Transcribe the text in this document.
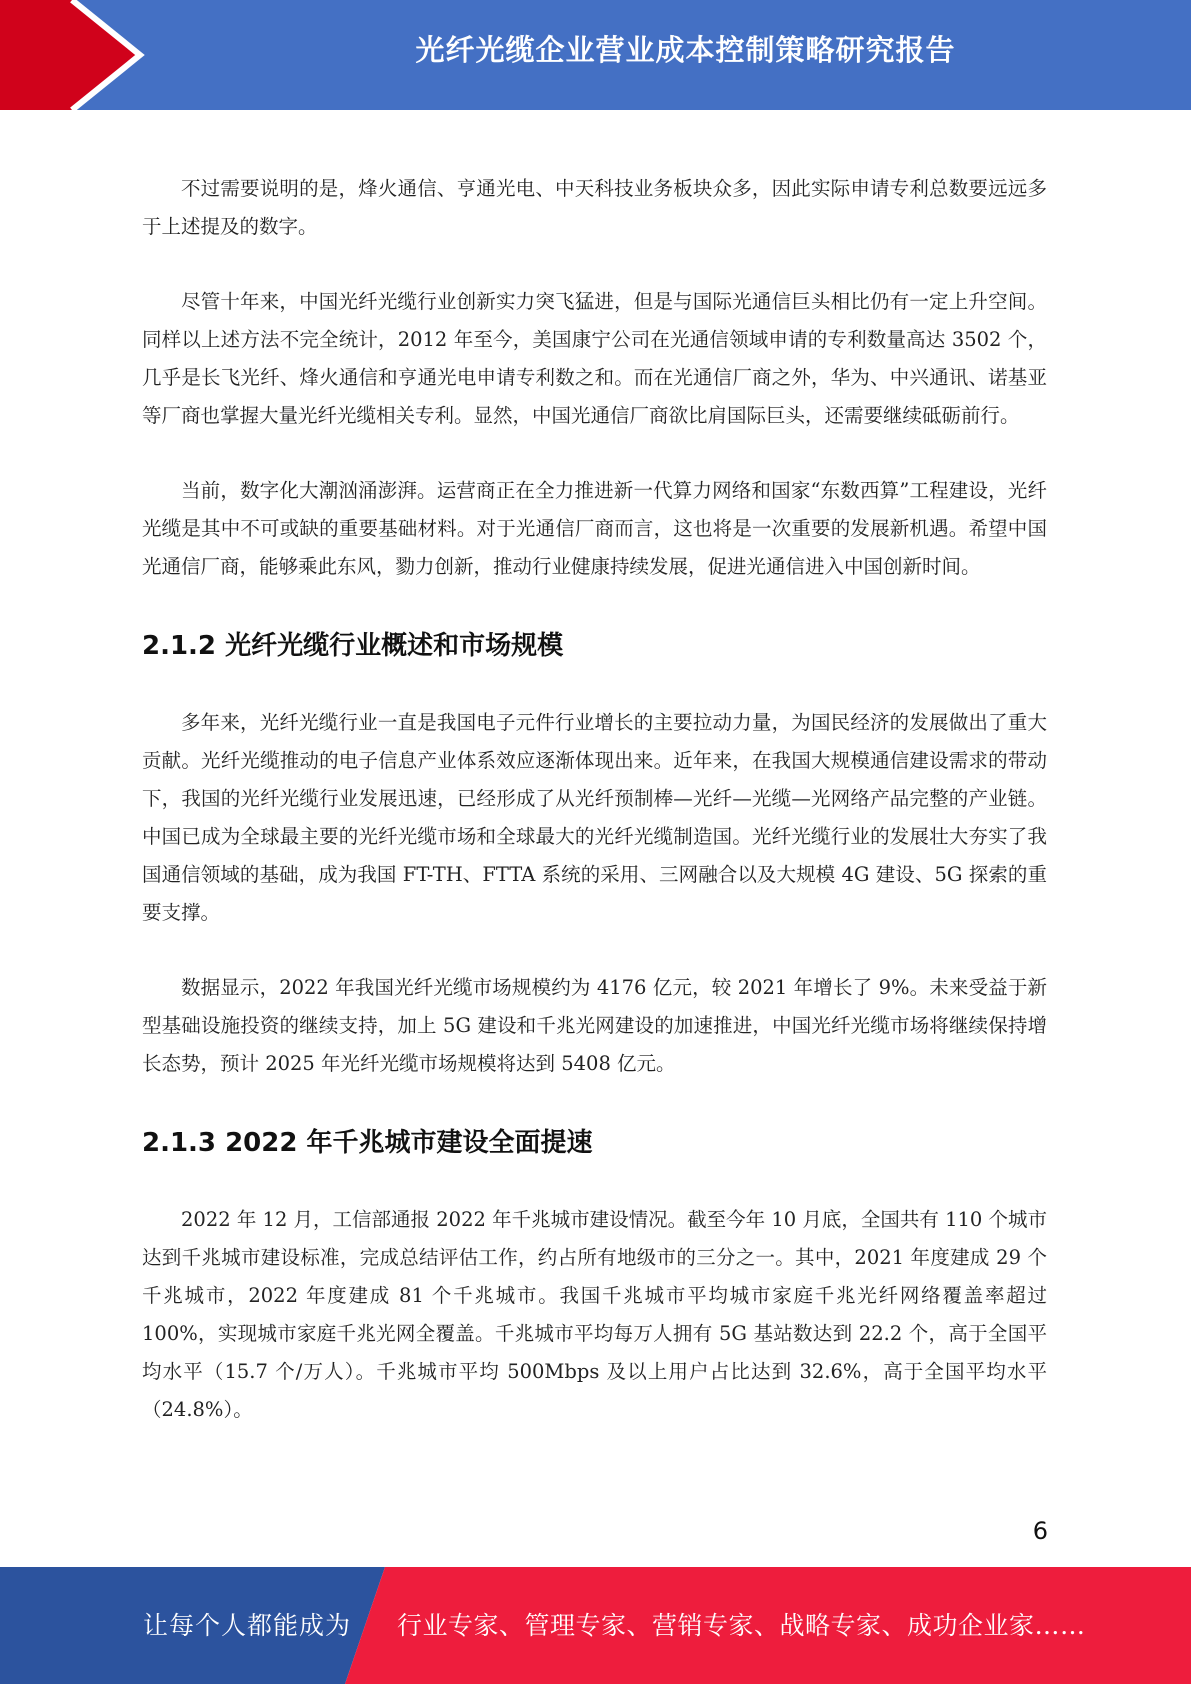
光纤光缆企业营业成本控制策略研究报告

不过需要说明的是，烽火通信、亨通光电、中天科技业务板块众多，因此实际申请专利总数要远远多于上述提及的数字。

尽管十年来，中国光纤光缆行业创新实力突飞猛进，但是与国际光通信巨头相比仍有一定上升空间。同样以上述方法不完全统计，2012 年至今，美国康宁公司在光通信领域申请的专利数量高达 3502 个，几乎是长飞光纤、烽火通信和亨通光电申请专利数之和。而在光通信厂商之外，华为、中兴通讯、诺基亚等厂商也掌握大量光纤光缆相关专利。显然，中国光通信厂商欲比肩国际巨头，还需要继续砥砺前行。

当前，数字化大潮汹涌澎湃。运营商正在全力推进新一代算力网络和国家“东数西算”工程建设，光纤光缆是其中不可或缺的重要基础材料。对于光通信厂商而言，这也将是一次重要的发展新机遇。希望中国光通信厂商，能够乘此东风，勠力创新，推动行业健康持续发展，促进光通信进入中国创新时间。

2.1.2 光纤光缆行业概述和市场规模

多年来，光纤光缆行业一直是我国电子元件行业增长的主要拉动力量，为国民经济的发展做出了重大贡献。光纤光缆推动的电子信息产业体系效应逐渐体现出来。近年来，在我国大规模通信建设需求的带动下，我国的光纤光缆行业发展迅速，已经形成了从光纤预制棒—光纤—光缆—光网络产品完整的产业链。中国已成为全球最主要的光纤光缆市场和全球最大的光纤光缆制造国。光纤光缆行业的发展壮大夯实了我国通信领域的基础，成为我国 FT-TH、FTTA 系统的采用、三网融合以及大规模 4G 建设、5G 探索的重要支撑。

数据显示，2022 年我国光纤光缆市场规模约为 4176 亿元，较 2021 年增长了 9%。未来受益于新型基础设施投资的继续支持，加上 5G 建设和千兆光网建设的加速推进，中国光纤光缆市场将继续保持增长态势，预计 2025 年光纤光缆市场规模将达到 5408 亿元。

2.1.3 2022 年千兆城市建设全面提速

2022 年 12 月，工信部通报 2022 年千兆城市建设情况。截至今年 10 月底，全国共有 110 个城市达到千兆城市建设标准，完成总结评估工作，约占所有地级市的三分之一。其中，2021 年度建成 29 个千兆城市，2022 年度建成 81 个千兆城市。我国千兆城市平均城市家庭千兆光纤网络覆盖率超过 100%，实现城市家庭千兆光网全覆盖。千兆城市平均每万人拥有 5G 基站数达到 22.2 个，高于全国平均水平（15.7 个/万人）。千兆城市平均 500Mbps 及以上用户占比达到 32.6%，高于全国平均水平（24.8%）。

6
让每个人都能成为 行业专家、管理专家、营销专家、战略专家、成功企业家……
